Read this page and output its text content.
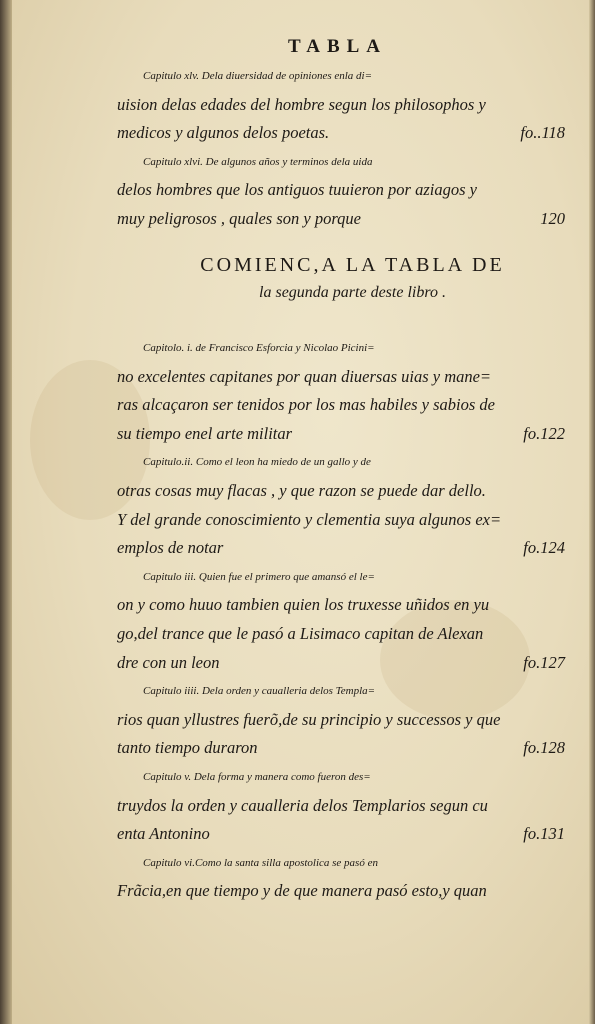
TABLA
Capitulo xlv. Dela diuersidad de opiniones enla di=
uision delas edades del hombre segun los philosophos y
medicos y algunos delos poetas.	fo..118
Capitulo xlvi. De algunos años y terminos dela uida
delos hombres que los antiguos tuuieron por aziagos y
muy peligrosos , quales son y porque	120
COMIENC,A LA TABLA DE
la segunda parte deste libro .
Capitolo. i. de Francisco Esforcia y Nicolao Picini=
no excelentes capitanes por quan diuersas uias y mane=
ras alcaçaron ser tenidos por los mas habiles y sabios de
su tiempo enel arte militar	fo.122
Capitulo.ii. Como el leon ha miedo de un gallo y de
otras cosas muy flacas , y que razon se puede dar dello.
Y del grande conoscimiento y clementia suya algunos ex=
emplos de notar	fo.124
Capitulo iii. Quien fue el primero que amansó el le=
on y como huuo tambien quien los truxesse uñidos en yu
go,del trance que le pasó a Lisimaco capitan de Alexan
dre con un leon	fo.127
Capitulo iiii. Dela orden y caualleria delos Templa=
rios quan yllustres fuerõ,de su principio y successos y que
tanto tiempo duraron	fo.128
Capitulo v. Dela forma y manera como fueron des=
truydos la orden y caualleria delos Templarios segun cu
enta Antonino	fo.131
Capitulo vi.Como la santa silla apostolica se pasó en
Frãcia,en que tiempo y de que manera pasó esto,y quan
